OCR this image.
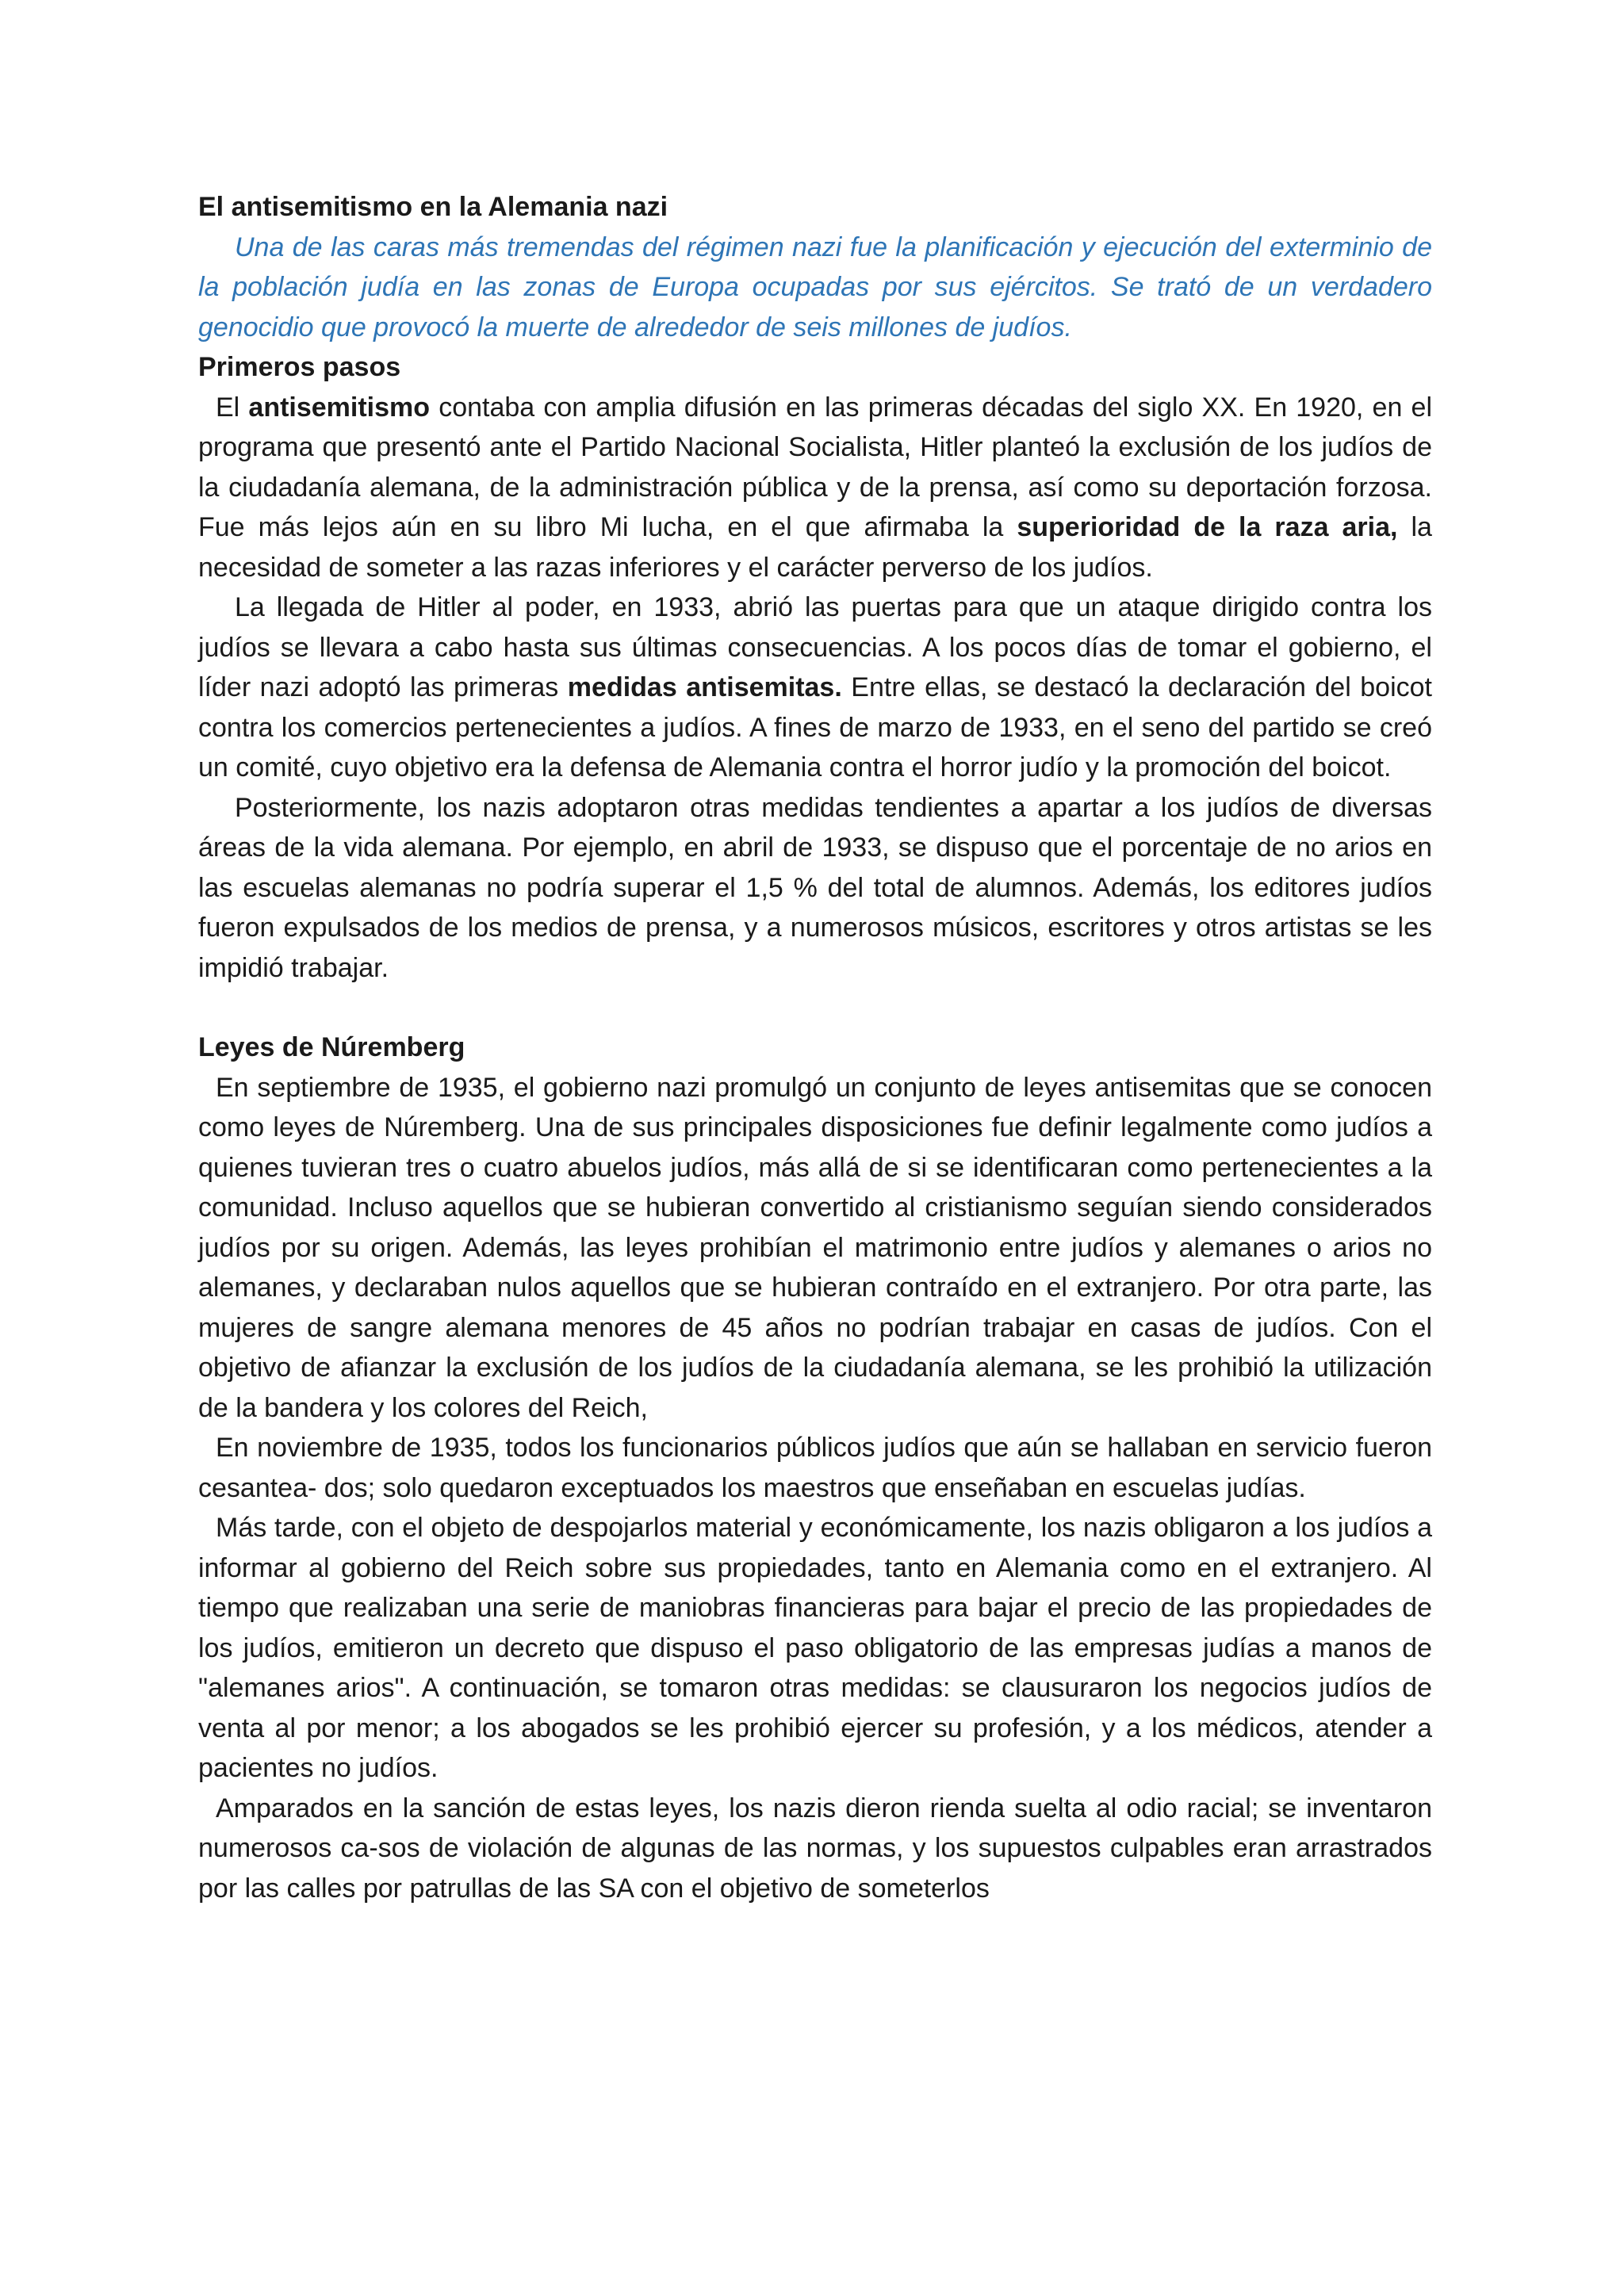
El antisemitismo en la Alemania nazi

Una de las caras más tremendas del régimen nazi fue la planificación y ejecución del exterminio de la población judía en las zonas de Europa ocupadas por sus ejércitos. Se trató de un verdadero genocidio que provocó la muerte de alrededor de seis millones de judíos.

Primeros pasos

El antisemitismo contaba con amplia difusión en las primeras décadas del siglo XX. En 1920, en el programa que presentó ante el Partido Nacional Socialista, Hitler planteó la exclusión de los judíos de la ciudadanía alemana, de la administración pública y de la prensa, así como su deportación forzosa. Fue más lejos aún en su libro Mi lucha, en el que afirmaba la superioridad de la raza aria, la necesidad de someter a las razas inferiores y el carácter perverso de los judíos.

La llegada de Hitler al poder, en 1933, abrió las puertas para que un ataque dirigido contra los judíos se llevara a cabo hasta sus últimas consecuencias. A los pocos días de tomar el gobierno, el líder nazi adoptó las primeras medidas antisemitas. Entre ellas, se destacó la declaración del boicot contra los comercios pertenecientes a judíos. A fines de marzo de 1933, en el seno del partido se creó un comité, cuyo objetivo era la defensa de Alemania contra el horror judío y la promoción del boicot.

Posteriormente, los nazis adoptaron otras medidas tendientes a apartar a los judíos de diversas áreas de la vida alemana. Por ejemplo, en abril de 1933, se dispuso que el porcentaje de no arios en las escuelas alemanas no podría superar el 1,5 % del total de alumnos. Además, los editores judíos fueron expulsados de los medios de prensa, y a numerosos músicos, escritores y otros artistas se les impidió trabajar.

Leyes de Núremberg

En septiembre de 1935, el gobierno nazi promulgó un conjunto de leyes antisemitas que se conocen como leyes de Núremberg. Una de sus principales disposiciones fue definir legalmente como judíos a quienes tuvieran tres o cuatro abuelos judíos, más allá de si se identificaran como pertenecientes a la comunidad. Incluso aquellos que se hubieran convertido al cristianismo seguían siendo considerados judíos por su origen. Además, las leyes prohibían el matrimonio entre judíos y alemanes o arios no alemanes, y declaraban nulos aquellos que se hubieran contraído en el extranjero. Por otra parte, las mujeres de sangre alemana menores de 45 años no podrían trabajar en casas de judíos. Con el objetivo de afianzar la exclusión de los judíos de la ciudadanía alemana, se les prohibió la utilización de la bandera y los colores del Reich,

En noviembre de 1935, todos los funcionarios públicos judíos que aún se hallaban en servicio fueron cesantea- dos; solo quedaron exceptuados los maestros que enseñaban en escuelas judías.

Más tarde, con el objeto de despojarlos material y económicamente, los nazis obligaron a los judíos a informar al gobierno del Reich sobre sus propiedades, tanto en Alemania como en el extranjero. Al tiempo que realizaban una serie de maniobras financieras para bajar el precio de las propiedades de los judíos, emitieron un decreto que dispuso el paso obligatorio de las empresas judías a manos de "alemanes arios". A continuación, se tomaron otras medidas: se clausuraron los negocios judíos de venta al por menor; a los abogados se les prohibió ejercer su profesión, y a los médicos, atender a pacientes no judíos.

Amparados en la sanción de estas leyes, los nazis dieron rienda suelta al odio racial; se inventaron numerosos ca-sos de violación de algunas de las normas, y los supuestos culpables eran arrastrados por las calles por patrullas de las SA con el objetivo de someterlos
